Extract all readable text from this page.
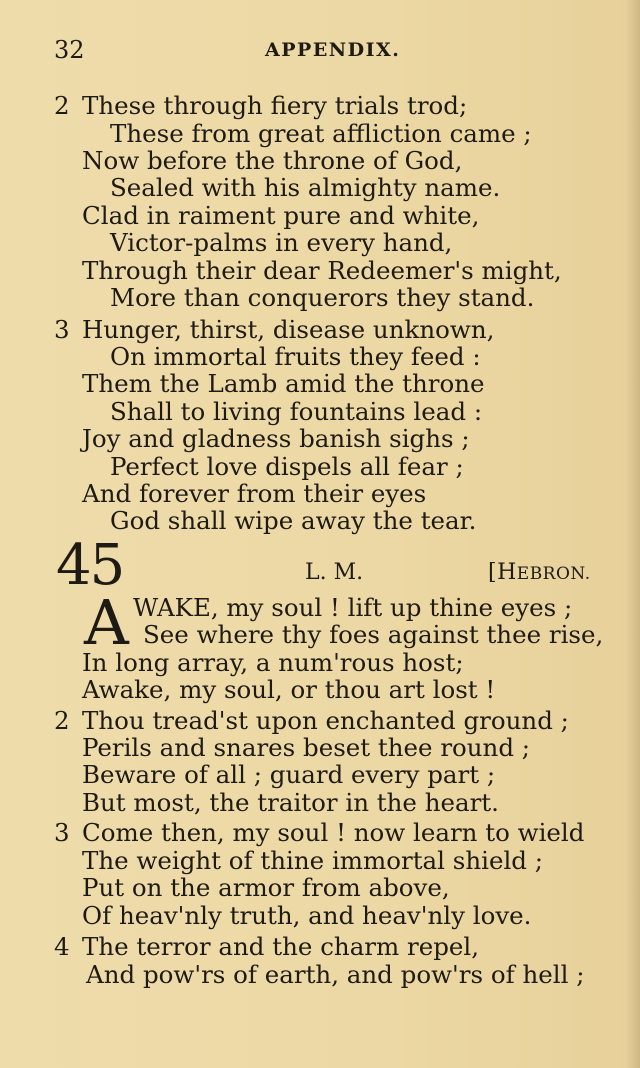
32	APPENDIX.
2 These through fiery trials trod;
These from great affliction came ;
Now before the throne of God,
Sealed with his almighty name.
Clad in raiment pure and white,
Victor-palms in every hand,
Through their dear Redeemer's might,
More than conquerors they stand.
3 Hunger, thirst, disease unknown,
On immortal fruits they feed :
Them the Lamb amid the throne
Shall to living fountains lead :
Joy and gladness banish sighs ;
Perfect love dispels all fear ;
And forever from their eyes
God shall wipe away the tear.
45	L. M.	[HEBRON.
A WAKE, my soul ! lift up thine eyes ;
See where thy foes against thee rise,
In long array, a num'rous host;
Awake, my soul, or thou art lost !
2 Thou tread'st upon enchanted ground ;
Perils and snares beset thee round ;
Beware of all ; guard every part ;
But most, the traitor in the heart.
3 Come then, my soul ! now learn to wield
The weight of thine immortal shield ;
Put on the armor from above,
Of heav'nly truth, and heav'nly love.
4 The terror and the charm repel,
And pow'rs of earth, and pow'rs of hell ;
